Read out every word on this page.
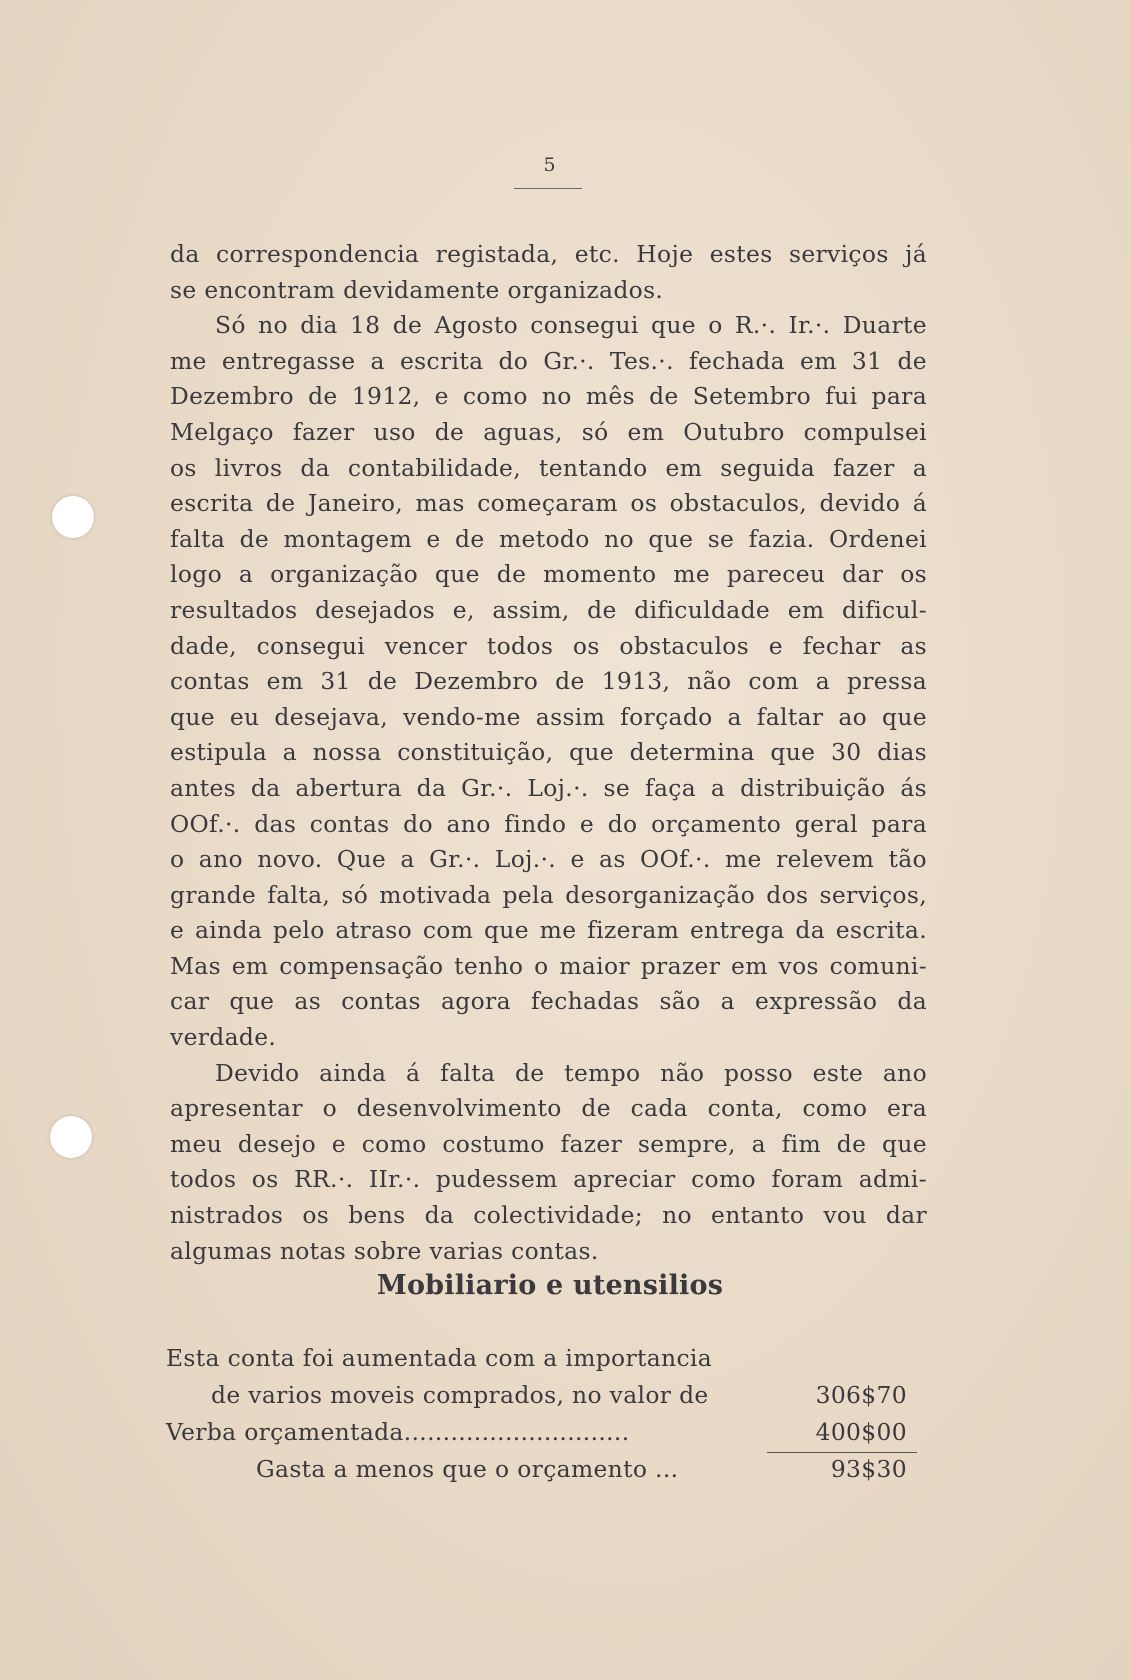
5

da correspondencia registada, etc. Hoje estes serviços já

se encontram devidamente organizados.

Só no dia 18 de Agosto consegui que o R.·. Ir.·. Duarte

me entregasse a escrita do Gr.·. Tes.·. fechada em 31 de

Dezembro de 1912, e como no mês de Setembro fui para

Melgaço fazer uso de aguas, só em Outubro compulsei

os livros da contabilidade, tentando em seguida fazer a

escrita de Janeiro, mas começaram os obstaculos, devido á

falta de montagem e de metodo no que se fazia. Ordenei

logo a organização que de momento me pareceu dar os

resultados desejados e, assim, de dificuldade em dificul-

dade, consegui vencer todos os obstaculos e fechar as

contas em 31 de Dezembro de 1913, não com a pressa

que eu desejava, vendo-me assim forçado a faltar ao que

estipula a nossa constituição, que determina que 30 dias

antes da abertura da Gr.·. Loj.·. se faça a distribuição ás

OOf.·. das contas do ano findo e do orçamento geral para

o ano novo. Que a Gr.·. Loj.·. e as OOf.·. me relevem tão

grande falta, só motivada pela desorganização dos serviços,

e ainda pelo atraso com que me fizeram entrega da escrita.

Mas em compensação tenho o maior prazer em vos comuni-

car que as contas agora fechadas são a expressão da verdade.

Devido ainda á falta de tempo não posso este ano

apresentar o desenvolvimento de cada conta, como era

meu desejo e como costumo fazer sempre, a fim de que

todos os RR.·. IIr.·. pudessem apreciar como foram admi-

nistrados os bens da colectividade; no entanto vou dar

algumas notas sobre varias contas.

Mobiliario e utensilios
Esta conta foi aumentada com a importancia
de varios moveis comprados, no valor de	306$70
Verba orçamentada.............................	400$00
Gasta a menos que o orçamento ...	93$30
